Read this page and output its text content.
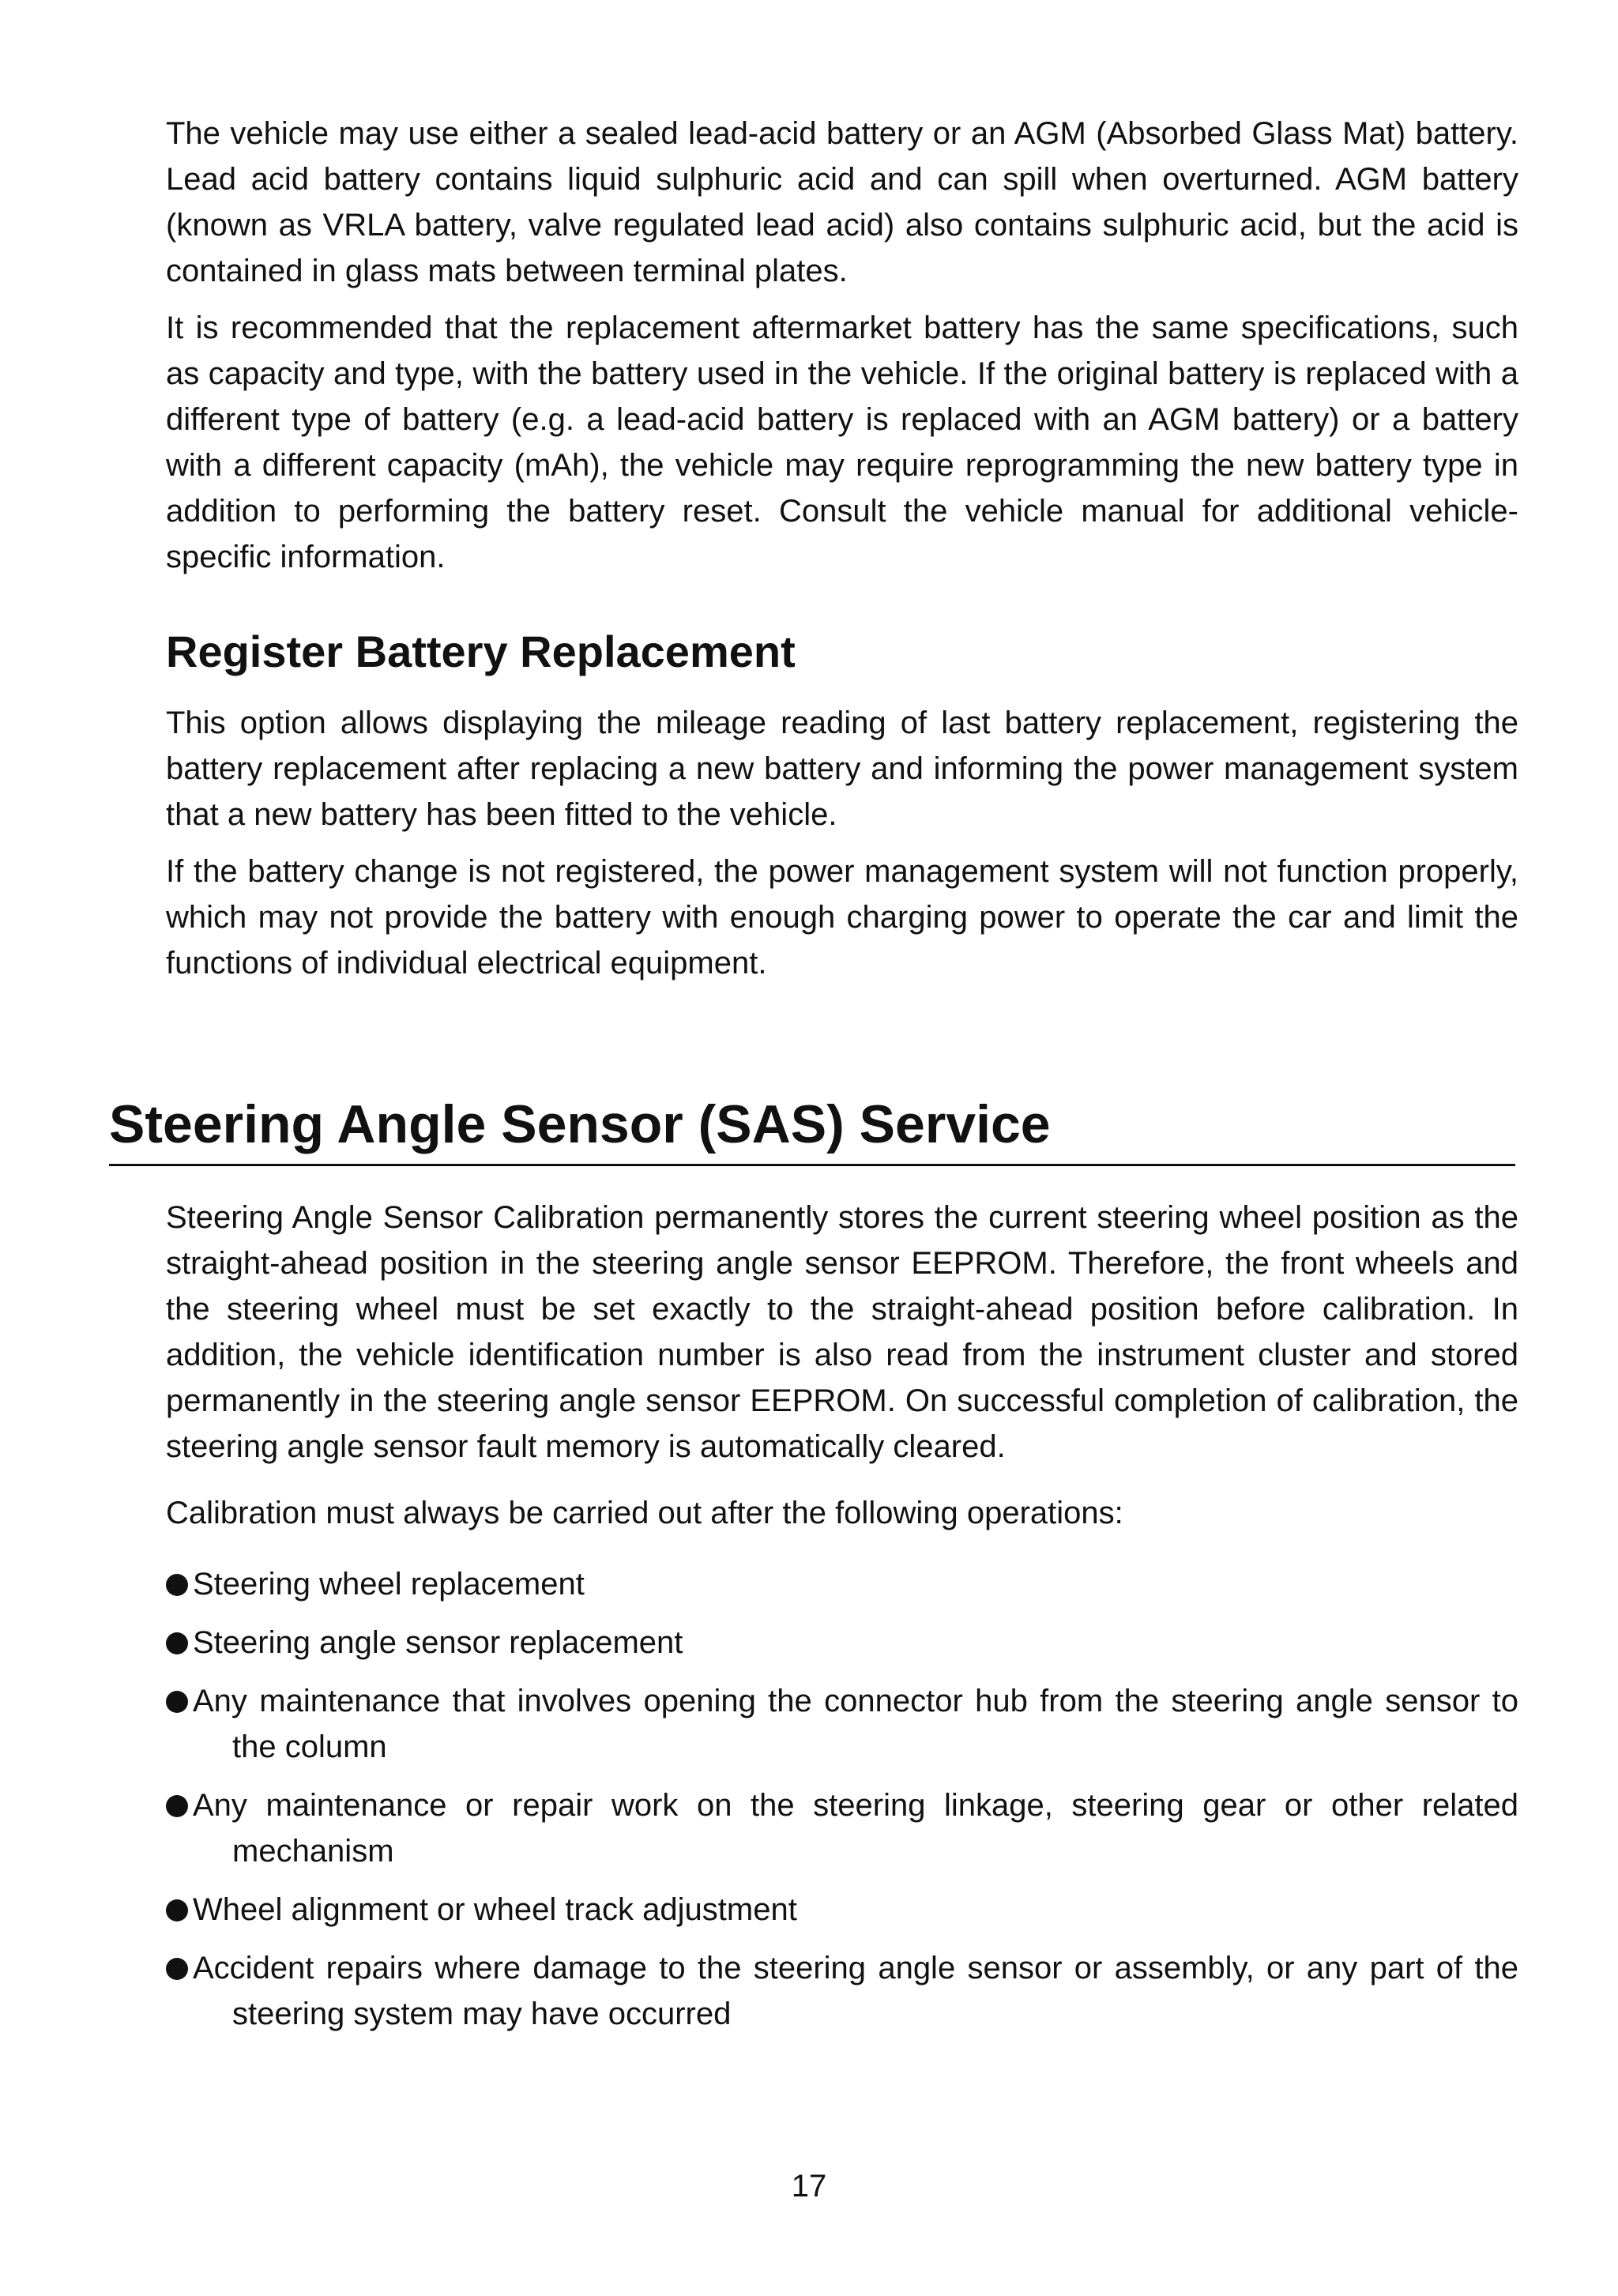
The vehicle may use either a sealed lead-acid battery or an AGM (Absorbed Glass Mat) battery. Lead acid battery contains liquid sulphuric acid and can spill when overturned. AGM battery (known as VRLA battery, valve regulated lead acid) also contains sulphuric acid, but the acid is contained in glass mats between terminal plates.

It is recommended that the replacement aftermarket battery has the same specifications, such as capacity and type, with the battery used in the vehicle. If the original battery is replaced with a different type of battery (e.g. a lead-acid battery is replaced with an AGM battery) or a battery with a different capacity (mAh), the vehicle may require reprogramming the new battery type in addition to performing the battery reset. Consult the vehicle manual for additional vehicle-specific information.

Register Battery Replacement

This option allows displaying the mileage reading of last battery replacement, registering the battery replacement after replacing a new battery and informing the power management system that a new battery has been fitted to the vehicle.

If the battery change is not registered, the power management system will not function properly, which may not provide the battery with enough charging power to operate the car and limit the functions of individual electrical equipment.

Steering Angle Sensor (SAS) Service

Steering Angle Sensor Calibration permanently stores the current steering wheel position as the straight-ahead position in the steering angle sensor EEPROM. Therefore, the front wheels and the steering wheel must be set exactly to the straight-ahead position before calibration. In addition, the vehicle identification number is also read from the instrument cluster and stored permanently in the steering angle sensor EEPROM. On successful completion of calibration, the steering angle sensor fault memory is automatically cleared.

Calibration must always be carried out after the following operations:

Steering wheel replacement
Steering angle sensor replacement
Any maintenance that involves opening the connector hub from the steering angle sensor to the column
Any maintenance or repair work on the steering linkage, steering gear or other related mechanism
Wheel alignment or wheel track adjustment
Accident repairs where damage to the steering angle sensor or assembly, or any part of the steering system may have occurred
17
